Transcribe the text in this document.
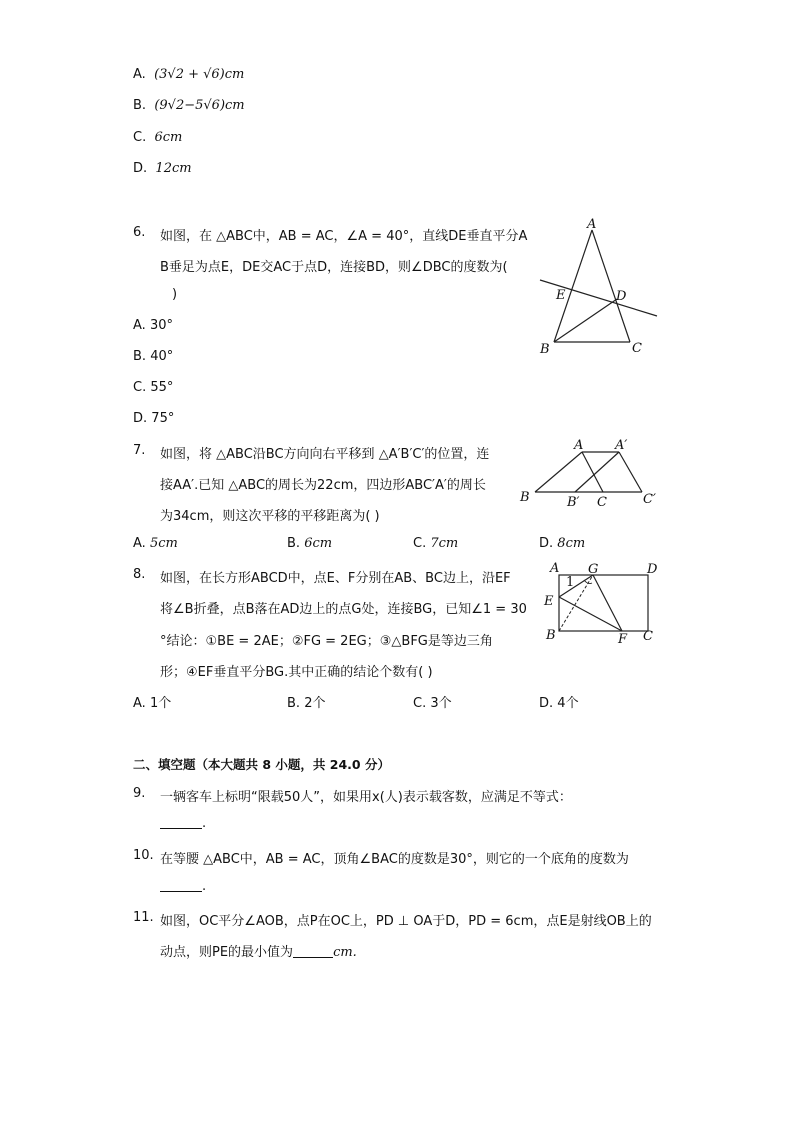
A. (3√2 + √6)cm
B. (9√2−5√6)cm
C. 6cm
D. 12cm
6. 如图，在 △ABC中，AB = AC，∠A = 40°，直线DE垂直平分A
B垂足为点E，DE交AC于点D，连接BD，则∠DBC的度数为(
)
A. 30°
B. 40°
C. 55°
D. 75°
A
E	D
B	C
7. 如图，将 △ABC沿BC方向向右平移到 △A′B′C′的位置，连
接AA′.已知 △ABC的周长为22cm，四边形ABC′A′的周长
为34cm，则这次平移的平移距离为( )
A. 5cm	B. 6cm	C. 7cm	D. 8cm
A A′
B	B′ C	C′
8. 如图，在长方形ABCD中，点E、F分别在AB、BC边上，沿EF
将∠B折叠，点B落在AD边上的点G处，连接BG，已知∠1 = 30
°结论：①BE = 2AE；②FG = 2EG；③△BFG是等边三角
形；④EF垂直平分BG.其中正确的结论个数有( )
A. 1个	B. 2个	C. 3个	D. 4个
A G	D
1
E
B	F C
二、填空题（本大题共 8 小题，共 24.0 分）
9. 一辆客车上标明“限载50人”，如果用x(人)表示载客数，应满足不等式：
.
10. 在等腰 △ABC中，AB = AC，顶角∠BAC的度数是30°，则它的一个底角的度数为
.
11. 如图，OC平分∠AOB，点P在OC上，PD ⊥ OA于D，PD = 6cm，点E是射线OB上的
动点，则PE的最小值为	cm.
